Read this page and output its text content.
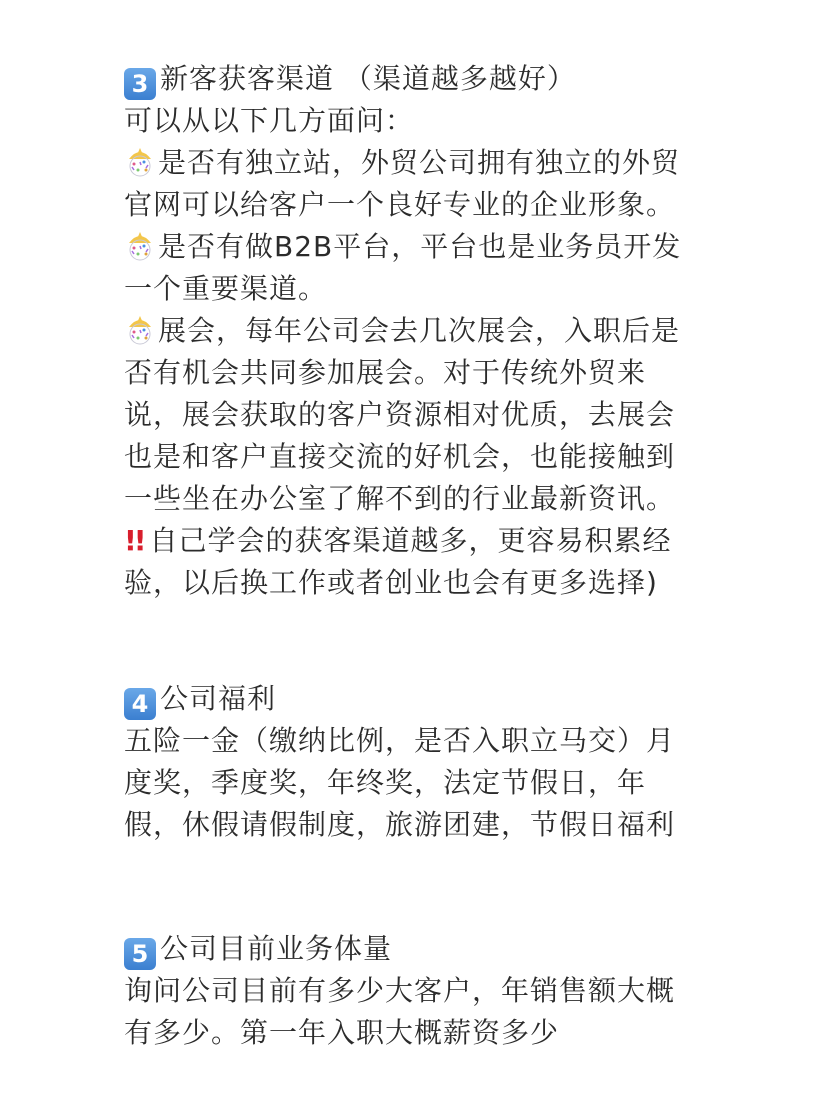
3 新客获客渠道 （渠道越多越好）
可以从以下几方面问：
是否有独立站，外贸公司拥有独立的外贸
官网可以给客户一个良好专业的企业形象。
是否有做B2B平台，平台也是业务员开发
一个重要渠道。
展会，每年公司会去几次展会，入职后是
否有机会共同参加展会。对于传统外贸来
说，展会获取的客户资源相对优质，去展会
也是和客户直接交流的好机会，也能接触到
一些坐在办公室了解不到的行业最新资讯。
!! 自己学会的获客渠道越多，更容易积累经
验，以后换工作或者创业也会有更多选择)
4 公司福利
五险一金（缴纳比例，是否入职立马交）月
度奖，季度奖，年终奖，法定节假日，年
假，休假请假制度，旅游团建，节假日福利
5 公司目前业务体量
询问公司目前有多少大客户，年销售额大概
有多少。第一年入职大概薪资多少
